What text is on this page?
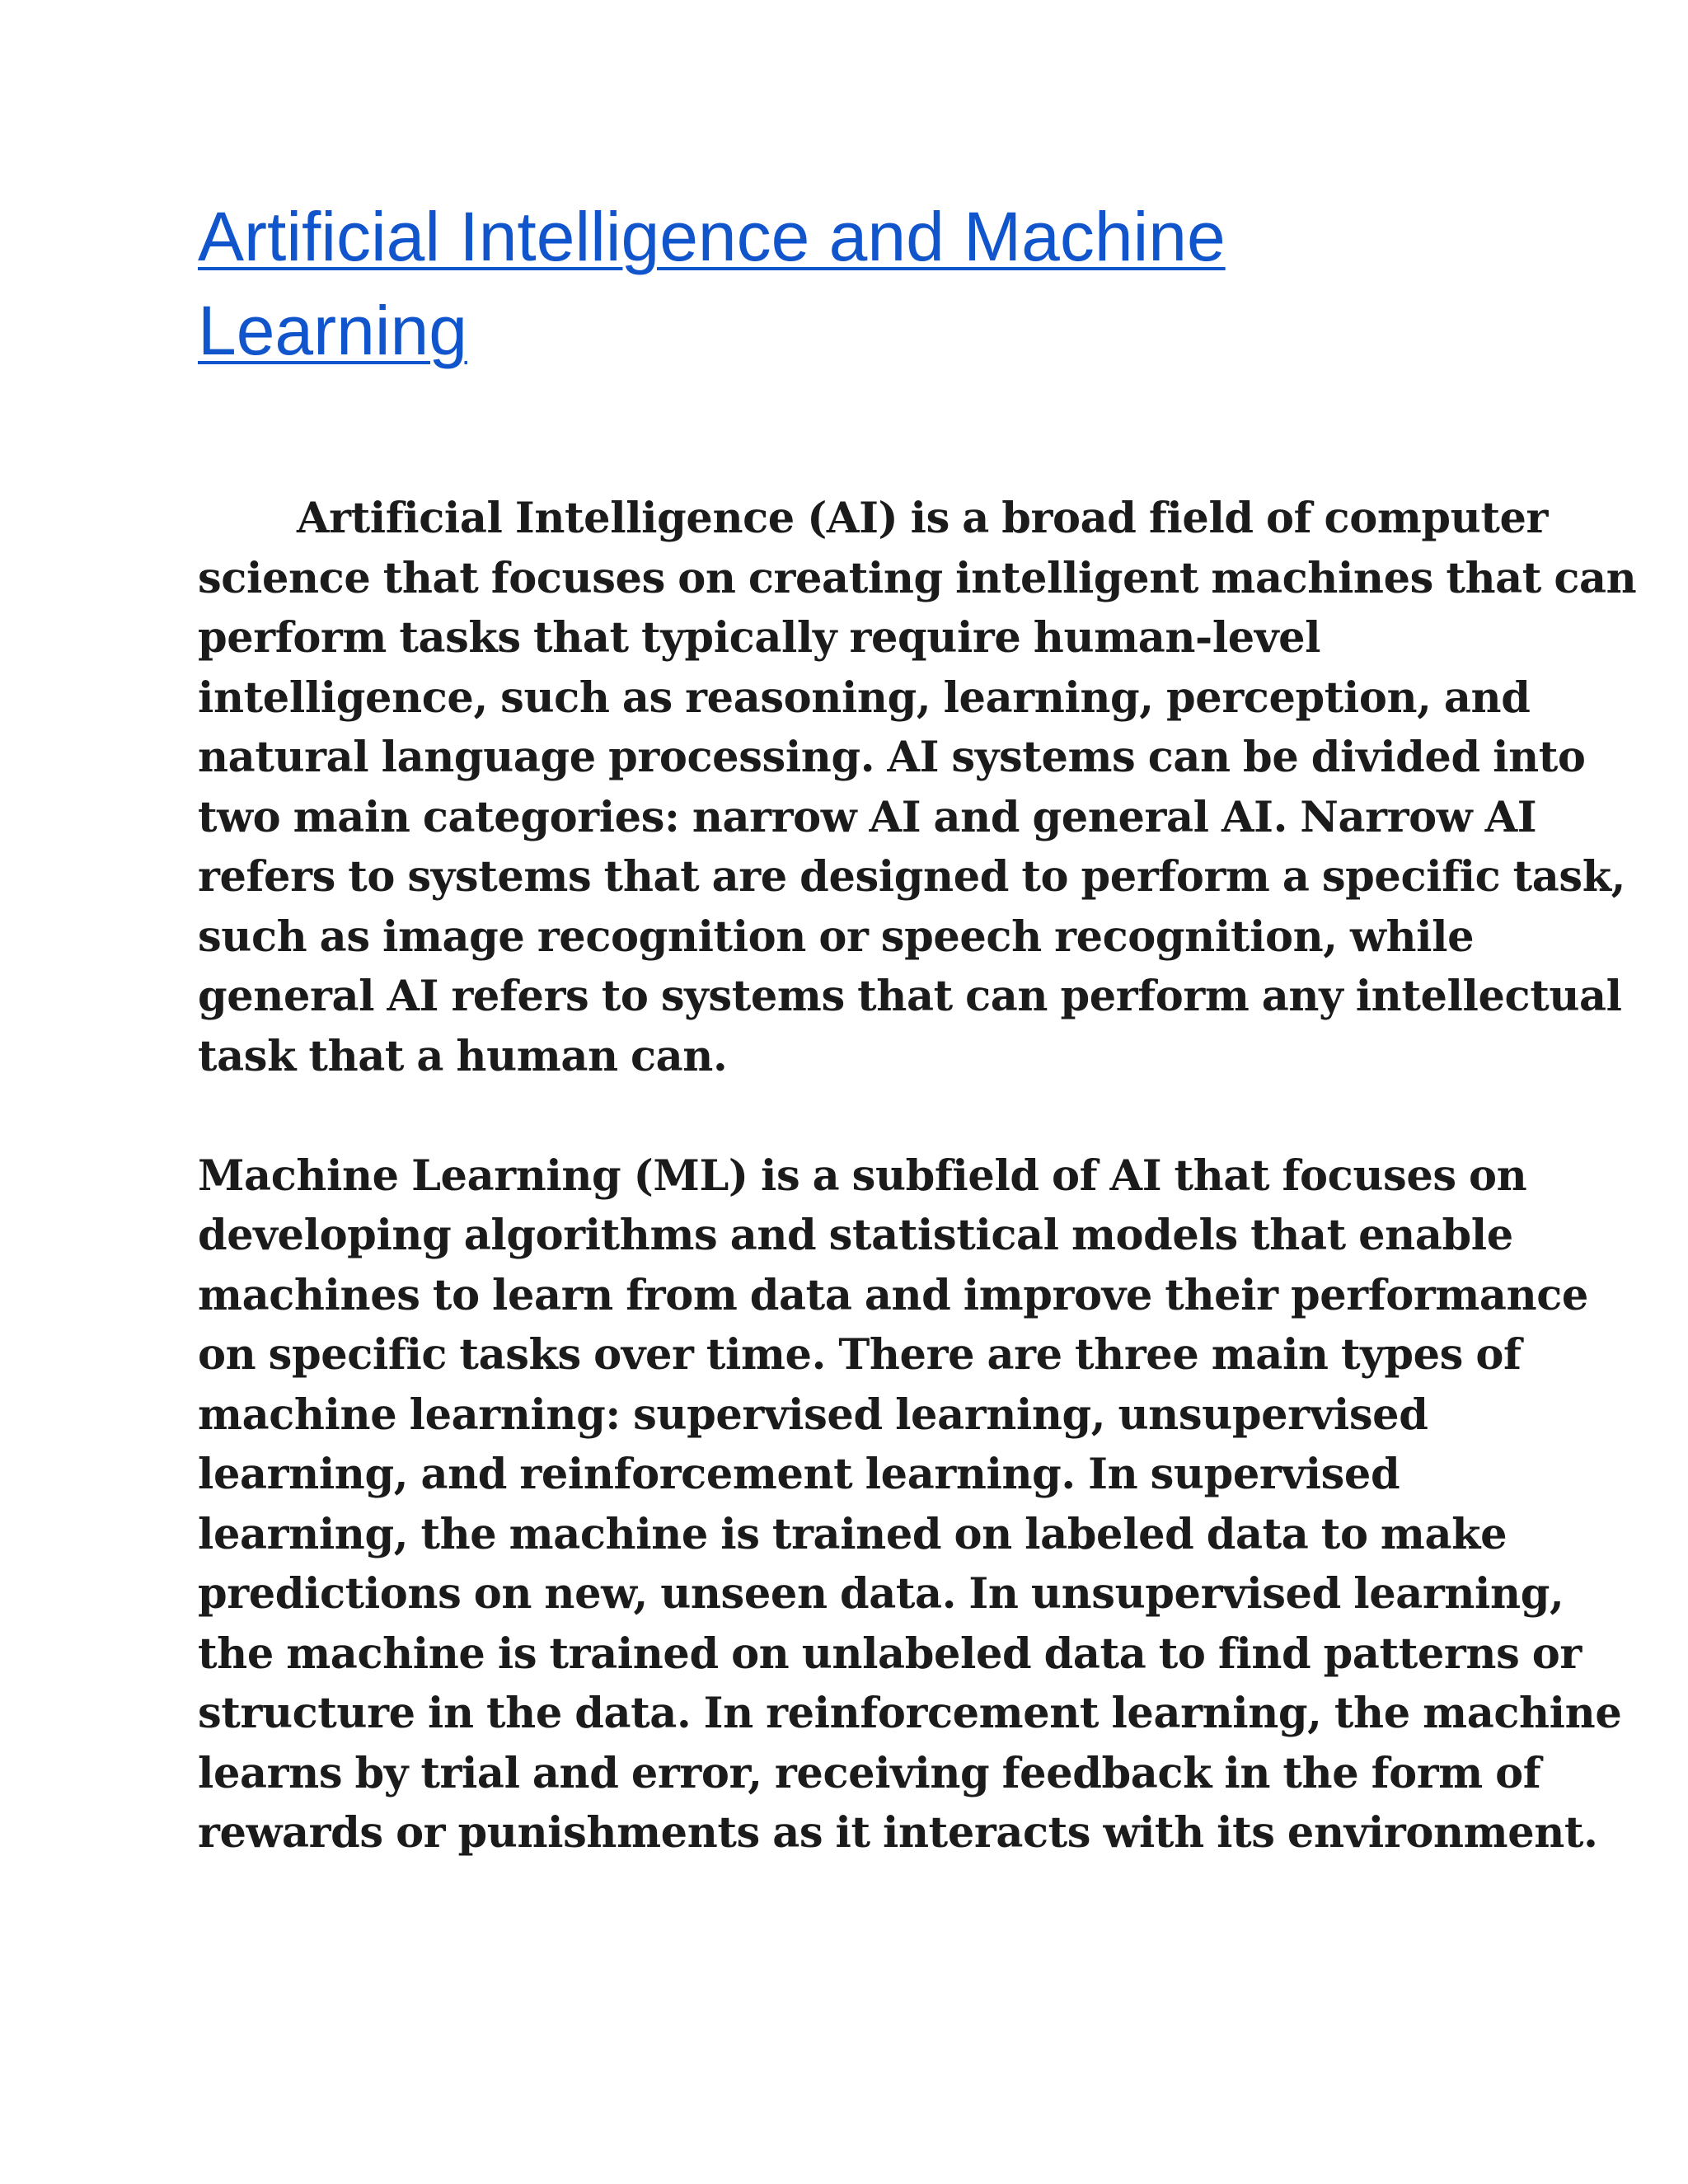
Artificial Intelligence and Machine
Learning

Artificial Intelligence (AI) is a broad field of computer
science that focuses on creating intelligent machines that can
perform tasks that typically require human-level
intelligence, such as reasoning, learning, perception, and
natural language processing. AI systems can be divided into
two main categories: narrow AI and general AI. Narrow AI
refers to systems that are designed to perform a specific task,
such as image recognition or speech recognition, while
general AI refers to systems that can perform any intellectual
task that a human can.

Machine Learning (ML) is a subfield of AI that focuses on
developing algorithms and statistical models that enable
machines to learn from data and improve their performance
on specific tasks over time. There are three main types of
machine learning: supervised learning, unsupervised
learning, and reinforcement learning. In supervised
learning, the machine is trained on labeled data to make
predictions on new, unseen data. In unsupervised learning,
the machine is trained on unlabeled data to find patterns or
structure in the data. In reinforcement learning, the machine
learns by trial and error, receiving feedback in the form of
rewards or punishments as it interacts with its environment.
